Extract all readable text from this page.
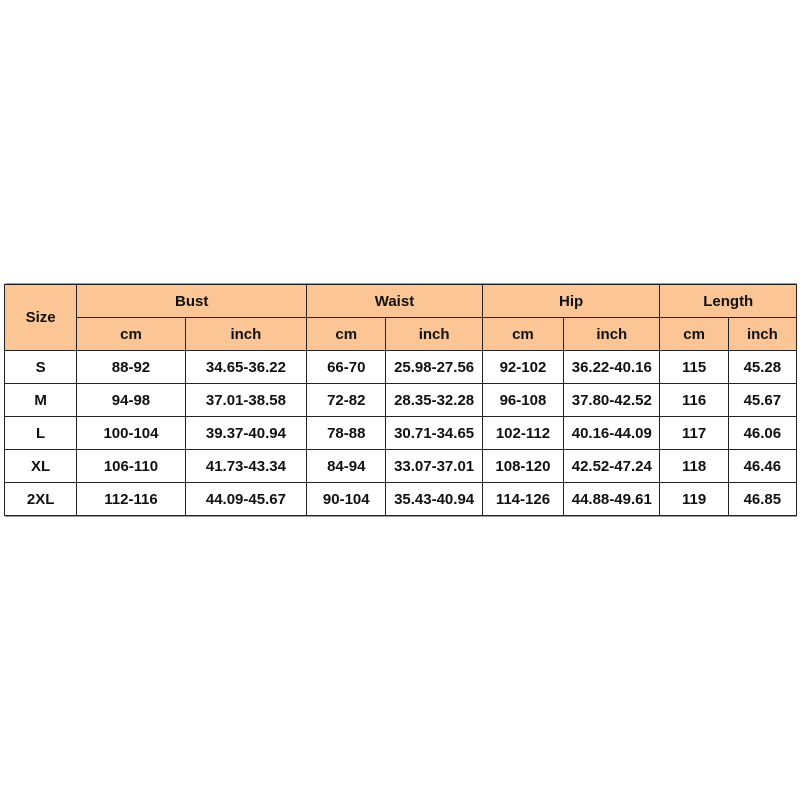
Size	Bust		Waist		Hip		Length	
	cm	inch	cm	inch	cm	inch	cm	inch
S	88-92	34.65-36.22	66-70	25.98-27.56	92-102	36.22-40.16	115	45.28
M	94-98	37.01-38.58	72-82	28.35-32.28	96-108	37.80-42.52	116	45.67
L	100-104	39.37-40.94	78-88	30.71-34.65	102-112	40.16-44.09	117	46.06
XL	106-110	41.73-43.34	84-94	33.07-37.01	108-120	42.52-47.24	118	46.46
2XL	112-116	44.09-45.67	90-104	35.43-40.94	114-126	44.88-49.61	119	46.85
